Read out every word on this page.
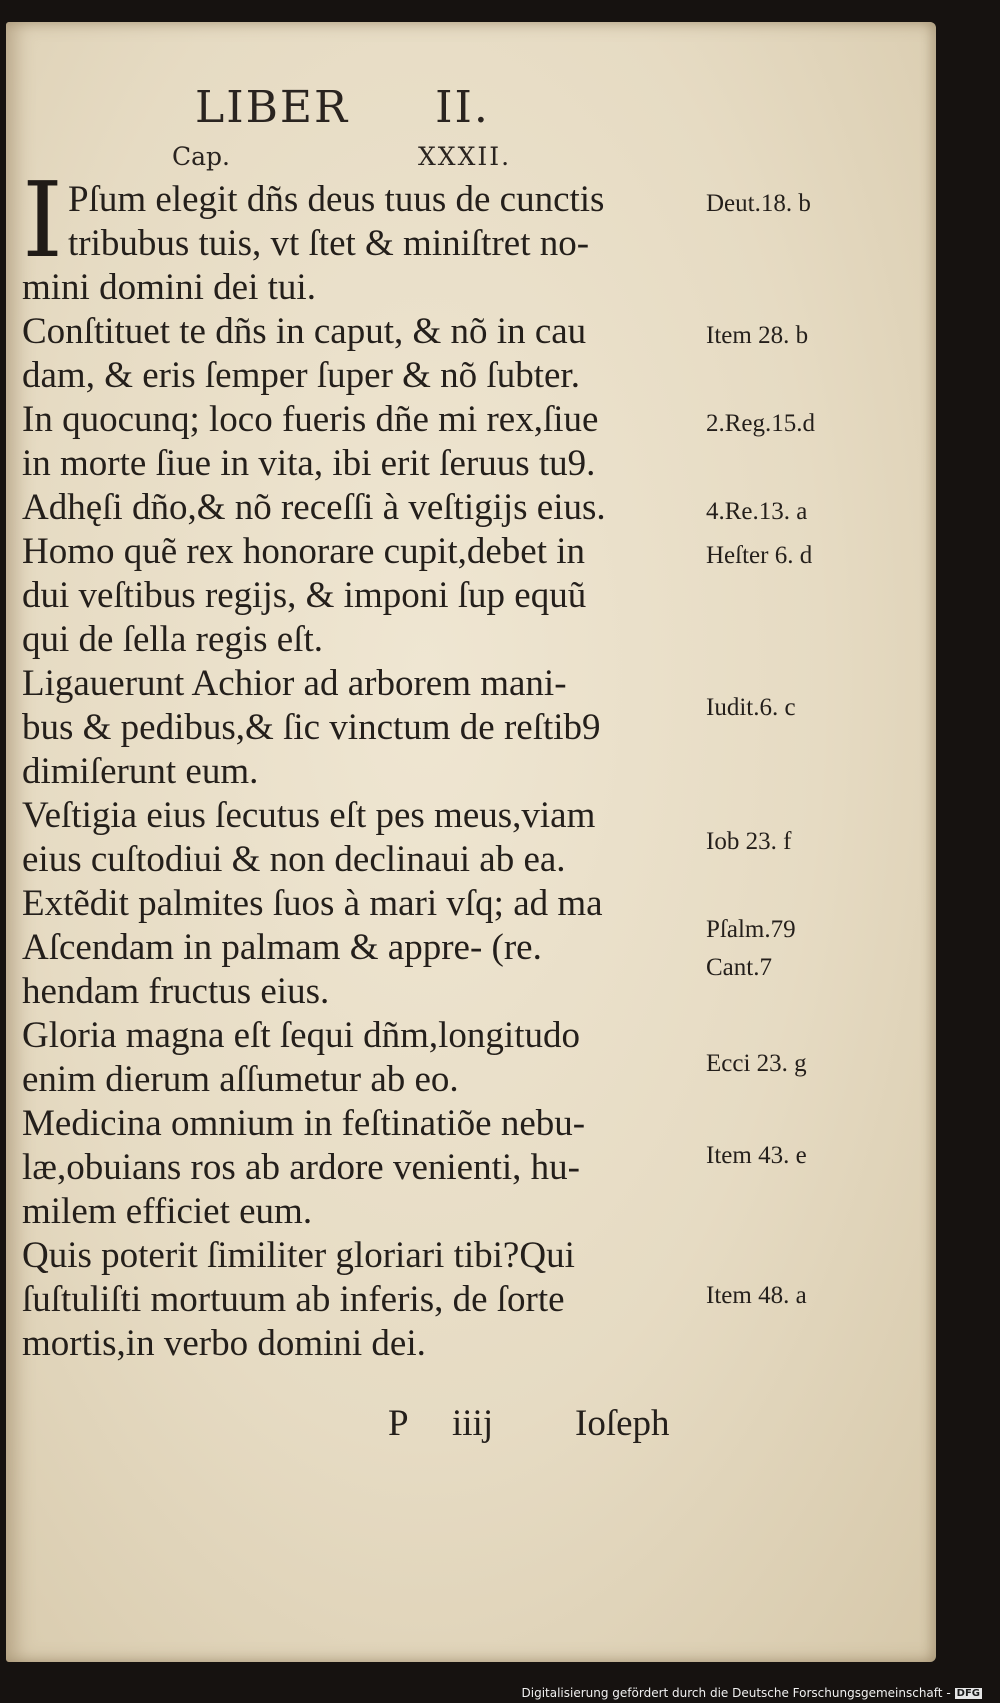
LIBER II.
Cap.	XXXII.
I Pſum elegit dñs deus tuus de cunctis
tribubus tuis, vt ſtet & miniſtret no-
mini domini dei tui.
Conſtituet te dñs in caput, & nõ in cau
dam, & eris ſemper ſuper & nõ ſubter.
In quocunq; loco fueris dñe mi rex,ſiue
in morte ſiue in vita, ibi erit ſeruus tu9.
Adhęſi dño,& nõ receſſi à veſtigijs eius.
Homo quẽ rex honorare cupit,debet in
dui veſtibus regijs, & imponi ſup equũ
qui de ſella regis eſt.
Ligauerunt Achior ad arborem mani-
bus & pedibus,& ſic vinctum de reſtib9
dimiſerunt eum.
Veſtigia eius ſecutus eſt pes meus,viam
eius cuſtodiui & non declinaui ab ea.
Extẽdit palmites ſuos à mari vſq; ad ma
Aſcendam in palmam & appre- (re.
hendam fructus eius.
Gloria magna eſt ſequi dñm,longitudo
enim dierum aſſumetur ab eo.
Medicina omnium in feſtinatiõe nebu-
læ,obuians ros ab ardore venienti, hu-
milem efficiet eum.
Quis poterit ſimiliter gloriari tibi?Qui
ſuſtuliſti mortuum ab inferis, de ſorte
mortis,in verbo domini dei.
Deut.18. b
Item 28. b
2.Reg.15.d
4.Re.13. a
Heſter 6. d
Iudit.6. c
Iob 23. f
Pſalm.79
Cant.7
Ecci 23. g
Item 43. e
Item 48. a
P iiij Ioſeph
Digitalisierung gefördert durch die Deutsche Forschungsgemeinschaft - DFG
